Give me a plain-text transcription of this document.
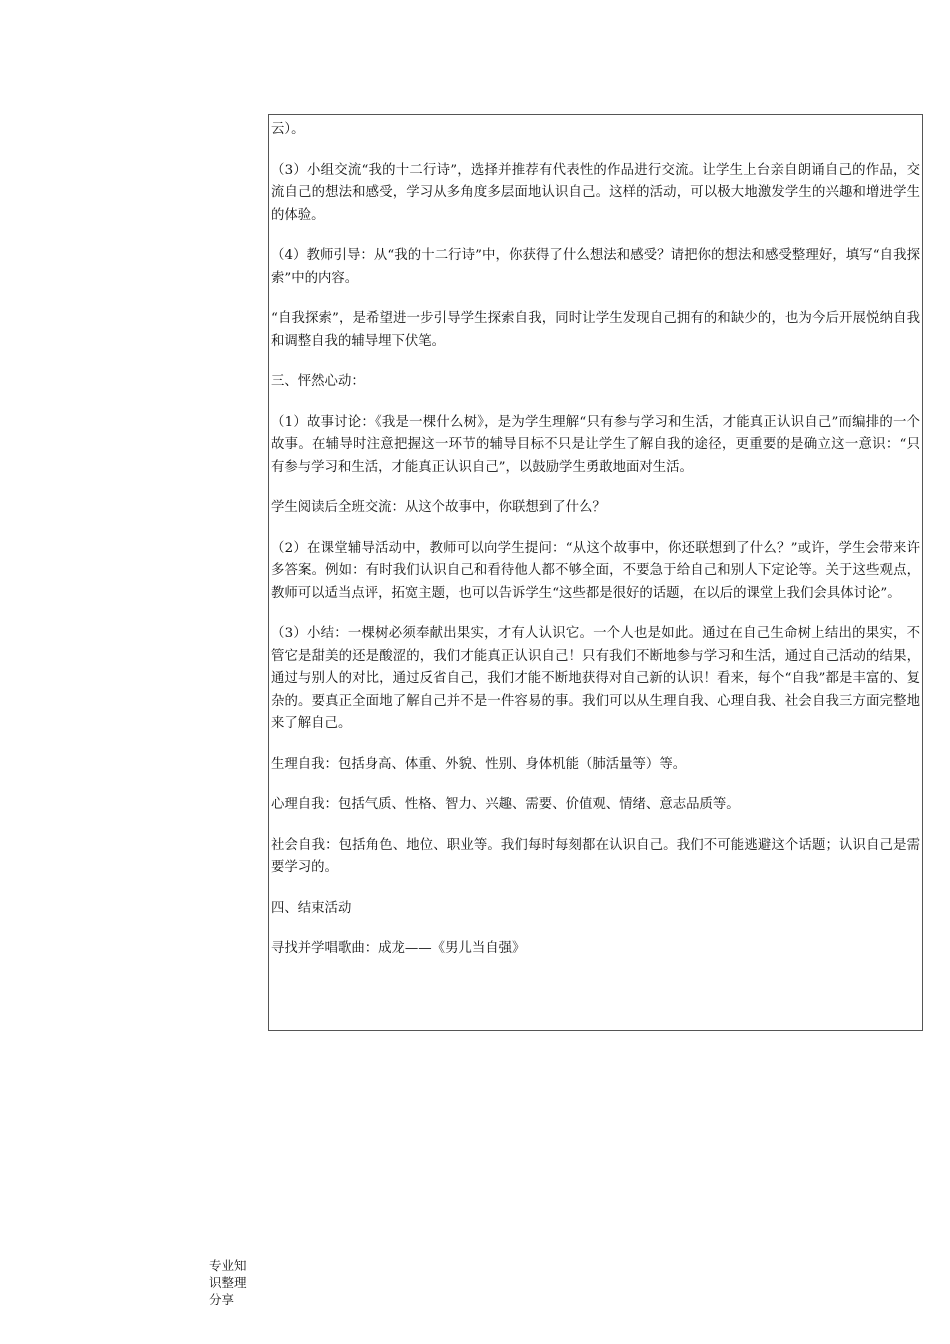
云）。

（3）小组交流“我的十二行诗”，选择并推荐有代表性的作品进行交流。让学生上台亲自朗诵自己的作品，交流自己的想法和感受，学习从多角度多层面地认识自己。这样的活动，可以极大地激发学生的兴趣和增进学生的体验。

（4）教师引导：从“我的十二行诗”中，你获得了什么想法和感受？请把你的想法和感受整理好，填写“自我探索”中的内容。

“自我探索”，是希望进一步引导学生探索自我，同时让学生发现自己拥有的和缺少的，也为今后开展悦纳自我和调整自我的辅导埋下伏笔。

三、怦然心动：

（1）故事讨论：《我是一棵什么树》，是为学生理解“只有参与学习和生活，才能真正认识自己”而编排的一个故事。在辅导时注意把握这一环节的辅导目标不只是让学生了解自我的途径，更重要的是确立这一意识：“只有参与学习和生活，才能真正认识自己”，以鼓励学生勇敢地面对生活。

学生阅读后全班交流：从这个故事中，你联想到了什么？

（2）在课堂辅导活动中，教师可以向学生提问：“从这个故事中，你还联想到了什么？”或许，学生会带来许多答案。例如：有时我们认识自己和看待他人都不够全面，不要急于给自己和别人下定论等。关于这些观点，教师可以适当点评，拓宽主题，也可以告诉学生“这些都是很好的话题，在以后的课堂上我们会具体讨论”。

（3）小结：一棵树必须奉献出果实，才有人认识它。一个人也是如此。通过在自己生命树上结出的果实，不管它是甜美的还是酸涩的，我们才能真正认识自己！只有我们不断地参与学习和生活，通过自己活动的结果，通过与别人的对比，通过反省自己，我们才能不断地获得对自己新的认识！看来，每个“自我”都是丰富的、复杂的。要真正全面地了解自己并不是一件容易的事。我们可以从生理自我、心理自我、社会自我三方面完整地来了解自己。

生理自我：包括身高、体重、外貌、性别、身体机能（肺活量等）等。

心理自我：包括气质、性格、智力、兴趣、需要、价值观、情绪、意志品质等。

社会自我：包括角色、地位、职业等。我们每时每刻都在认识自己。我们不可能逃避这个话题；认识自己是需要学习的。

四、结束活动

寻找并学唱歌曲：成龙——《男儿当自强》

专业知识整理分享
